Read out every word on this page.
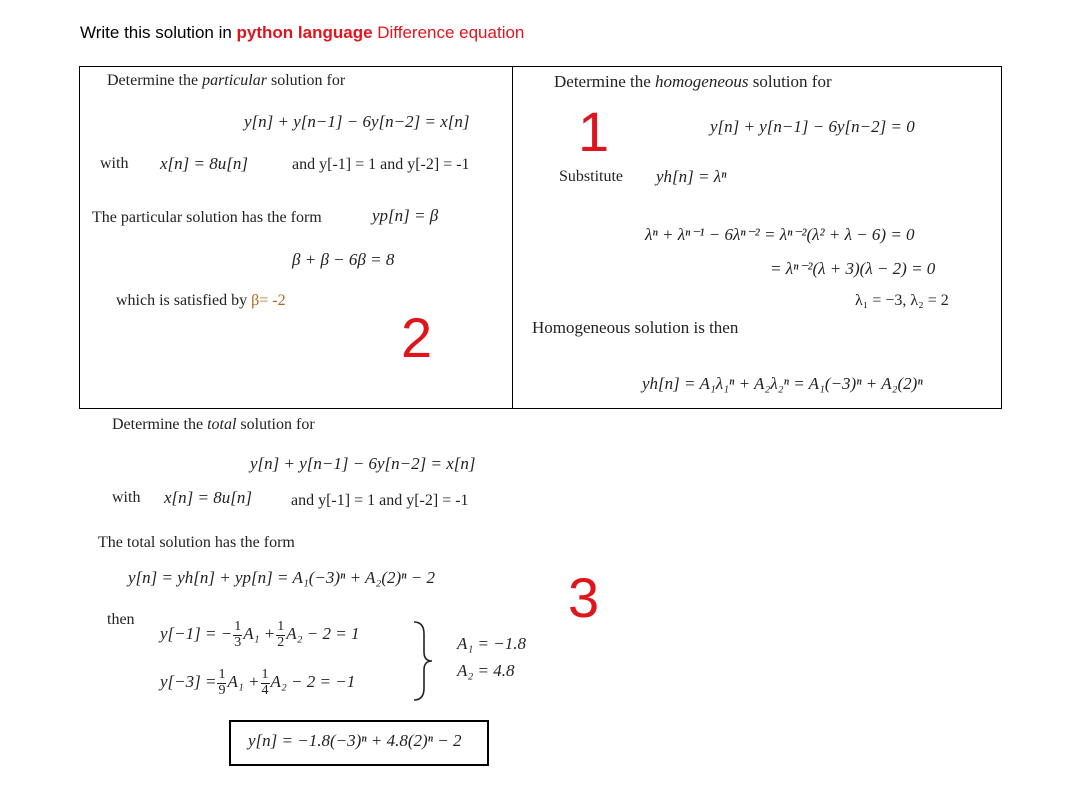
Write this solution in python language Difference equation
Determine the particular solution for
y[n] + y[n−1] − 6y[n−2] = x[n]
with x[n] = 8u[n]	and y[-1] = 1 and y[-2] = -1
The particular solution has the form	yp[n] = β
β + β − 6β = 8
which is satisfied by β= -2
2
Determine the homogeneous solution for
1	y[n] + y[n−1] − 6y[n−2] = 0
Substitute yh[n] = λⁿ
λⁿ + λⁿ⁻¹ − 6λⁿ⁻² = λⁿ⁻²(λ² + λ − 6) = 0
= λⁿ⁻²(λ + 3)(λ − 2) = 0
λ₁ = −3, λ₂ = 2
Homogeneous solution is then
yh[n] = A₁λ₁ⁿ + A₂λ₂ⁿ = A₁(−3)ⁿ + A₂(2)ⁿ
Determine the total solution for
y[n] + y[n−1] − 6y[n−2] = x[n]
with x[n] = 8u[n] and y[-1] = 1 and y[-2] = -1
The total solution has the form
y[n] = yh[n] + yp[n] = A₁(−3)ⁿ + A₂(2)ⁿ − 2 3
then
y[−1] = − $\frac{1}{3} A_1 + \frac{1}{2} A_2 - 2 = 1$
$y[-3] = \frac{1}{9} A_1 + \frac{1}{4} A_2 - 2 = -1$
A₁ = −1.8
A₂ = 4.8
y[n] = −1.8(−3)ⁿ + 4.8(2)ⁿ − 2
